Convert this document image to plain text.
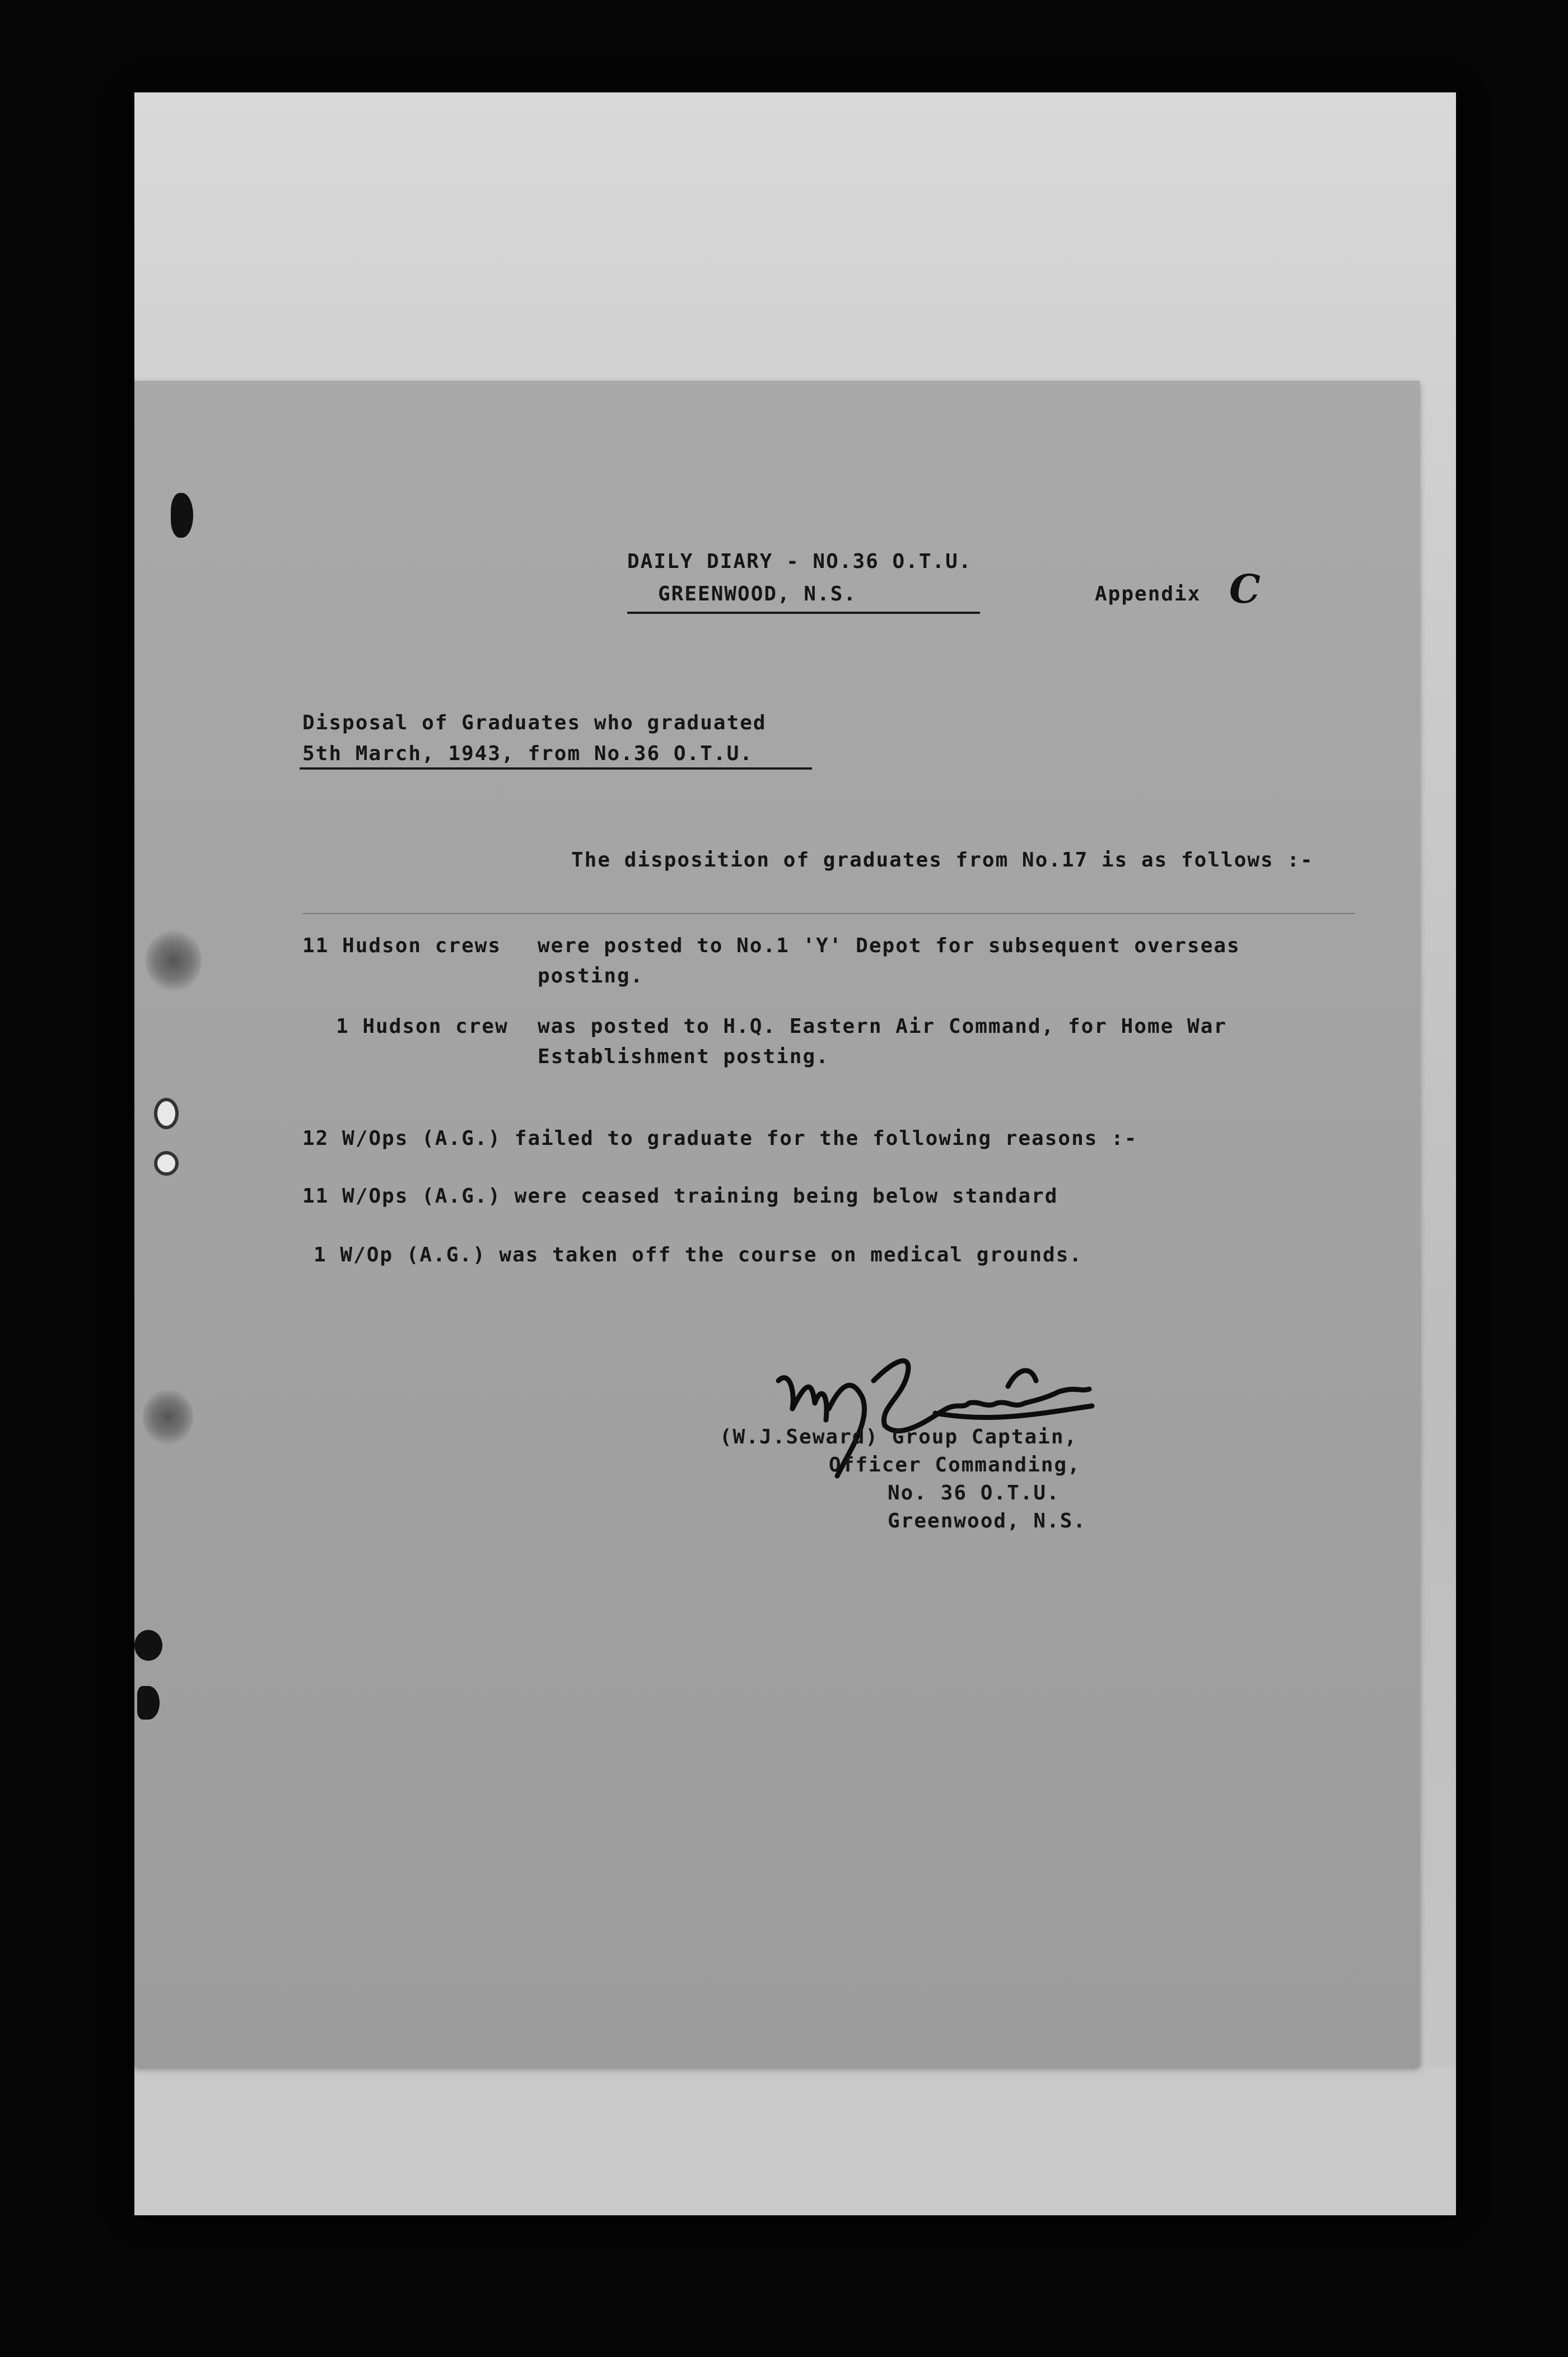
DAILY DIARY - NO.36 O.T.U.
GREENWOOD, N.S.	Appendix C
Disposal of Graduates who graduated
5th March, 1943, from No.36 O.T.U.
The disposition of graduates from No.17 is as follows :-
11 Hudson crews were posted to No.1 'Y' Depot for subsequent overseas
posting.
1 Hudson crew was posted to H.Q. Eastern Air Command, for Home War
Establishment posting.
12 W/Ops (A.G.) failed to graduate for the following reasons :-
11 W/Ops (A.G.) were ceased training being below standard
1 W/Op (A.G.) was taken off the course on medical grounds.
(W.J.Seward) Group Captain,
Officer Commanding,
No. 36 O.T.U.
Greenwood, N.S.
